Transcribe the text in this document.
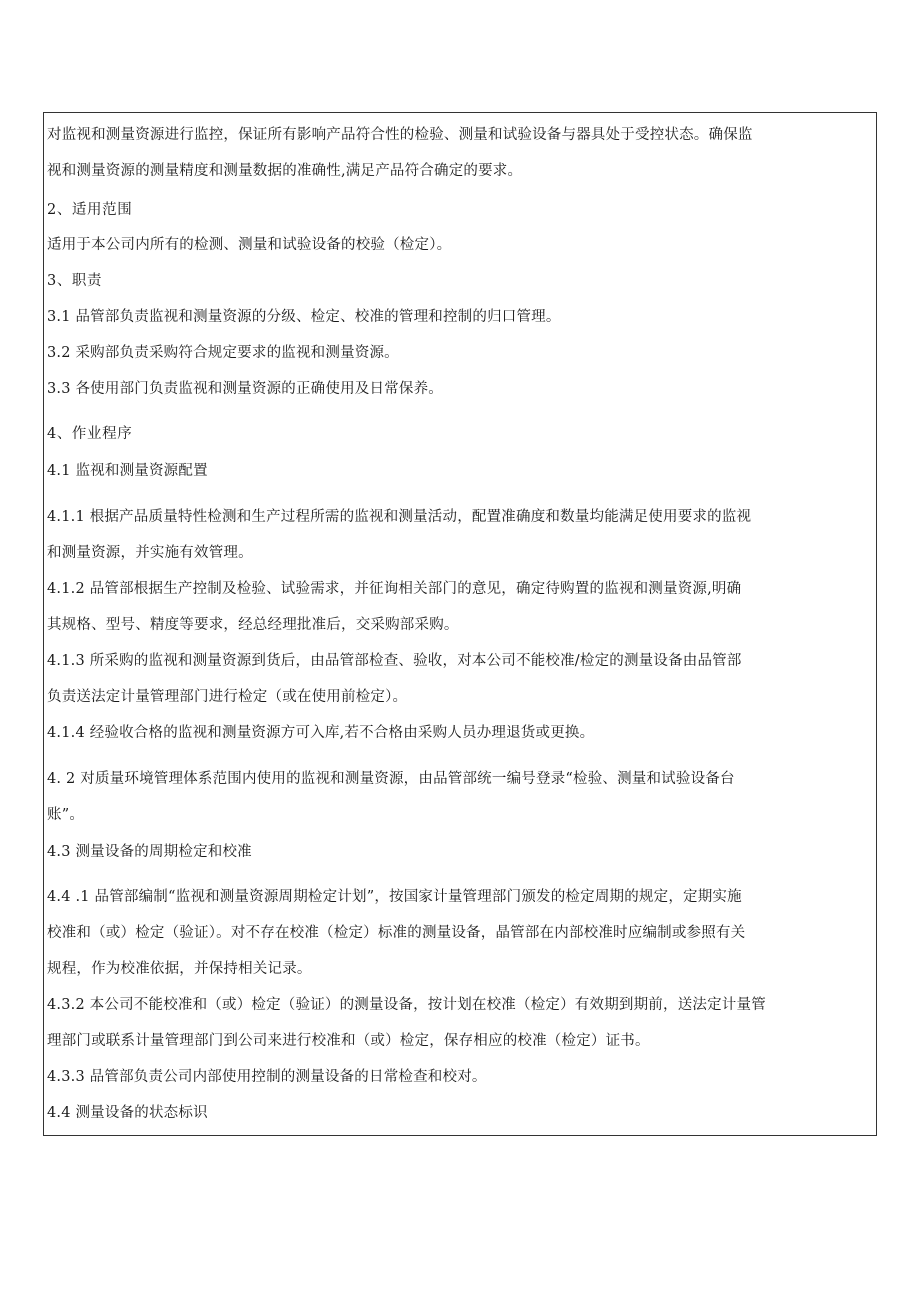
对监视和测量资源进行监控，保证所有影响产品符合性的检验、测量和试验设备与器具处于受控状态。确保监
视和测量资源的测量精度和测量数据的准确性,满足产品符合确定的要求。
2、适用范围
适用于本公司内所有的检测、测量和试验设备的校验（检定）。
3、职责
3.1 品管部负责监视和测量资源的分级、检定、校准的管理和控制的归口管理。
3.2 采购部负责采购符合规定要求的监视和测量资源。
3.3 各使用部门负责监视和测量资源的正确使用及日常保养。
4、作业程序
4.1 监视和测量资源配置
4.1.1 根据产品质量特性检测和生产过程所需的监视和测量活动，配置准确度和数量均能满足使用要求的监视
和测量资源，并实施有效管理。
4.1.2 品管部根据生产控制及检验、试验需求，并征询相关部门的意见，确定待购置的监视和测量资源,明确
其规格、型号、精度等要求，经总经理批准后，交采购部采购。
4.1.3 所采购的监视和测量资源到货后，由品管部检查、验收，对本公司不能校准/检定的测量设备由品管部
负责送法定计量管理部门进行检定（或在使用前检定）。
4.1.4 经验收合格的监视和测量资源方可入库,若不合格由采购人员办理退货或更换。
4. 2 对质量环境管理体系范围内使用的监视和测量资源，由品管部统一编号登录“检验、测量和试验设备台
账”。
4.3 测量设备的周期检定和校准
4.4 .1 品管部编制“监视和测量资源周期检定计划”，按国家计量管理部门颁发的检定周期的规定，定期实施
校准和（或）检定（验证）。对不存在校准（检定）标准的测量设备，晶管部在内部校准时应编制或参照有关
规程，作为校准依据，并保持相关记录。
4.3.2 本公司不能校准和（或）检定（验证）的测量设备，按计划在校准（检定）有效期到期前，送法定计量管
理部门或联系计量管理部门到公司来进行校准和（或）检定，保存相应的校准（检定）证书。
4.3.3 品管部负责公司内部使用控制的测量设备的日常检查和校对。
4.4 测量设备的状态标识
